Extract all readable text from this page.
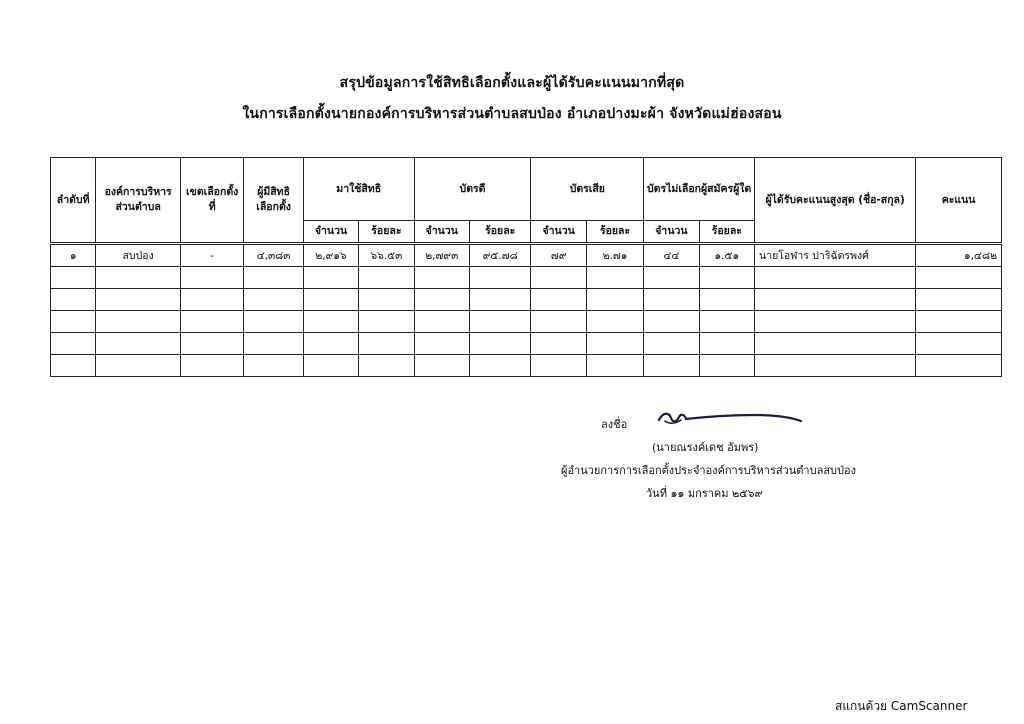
สรุปข้อมูลการใช้สิทธิเลือกตั้งและผู้ได้รับคะแนนมากที่สุด
ในการเลือกตั้งนายกองค์การบริหารส่วนตำบลสบป่อง อำเภอปางมะผ้า จังหวัดแม่ฮ่องสอน
ลำดับที่	องค์การบริหารส่วนตำบล	เขตเลือกตั้งที่	ผู้มีสิทธิเลือกตั้ง	มาใช้สิทธิ		บัตรดี		บัตรเสีย		บัตรไม่เลือกผู้สมัครผู้ใด		ผู้ได้รับคะแนนสูงสุด (ชื่อ-สกุล)	คะแนน
				จำนวน	ร้อยละ	จำนวน	ร้อยละ	จำนวน	ร้อยละ	จำนวน	ร้อยละ		
๑	สบป่อง	-	๔,๓๘๓	๒,๙๑๖	๖๖.๕๓	๒,๗๙๓	๙๕.๗๘	๗๙	๒.๗๑	๔๔	๑.๕๑	นายโอฬาร ปาริฉัตรพงศ์	๑,๔๘๒

ลงชื่อ
(นายณรงค์เดช อัมพร)
ผู้อำนวยการการเลือกตั้งประจำองค์การบริหารส่วนตำบลสบป่อง
วันที่ ๑๑ มกราคม ๒๕๖๙
สแกนด้วย CamScanner
